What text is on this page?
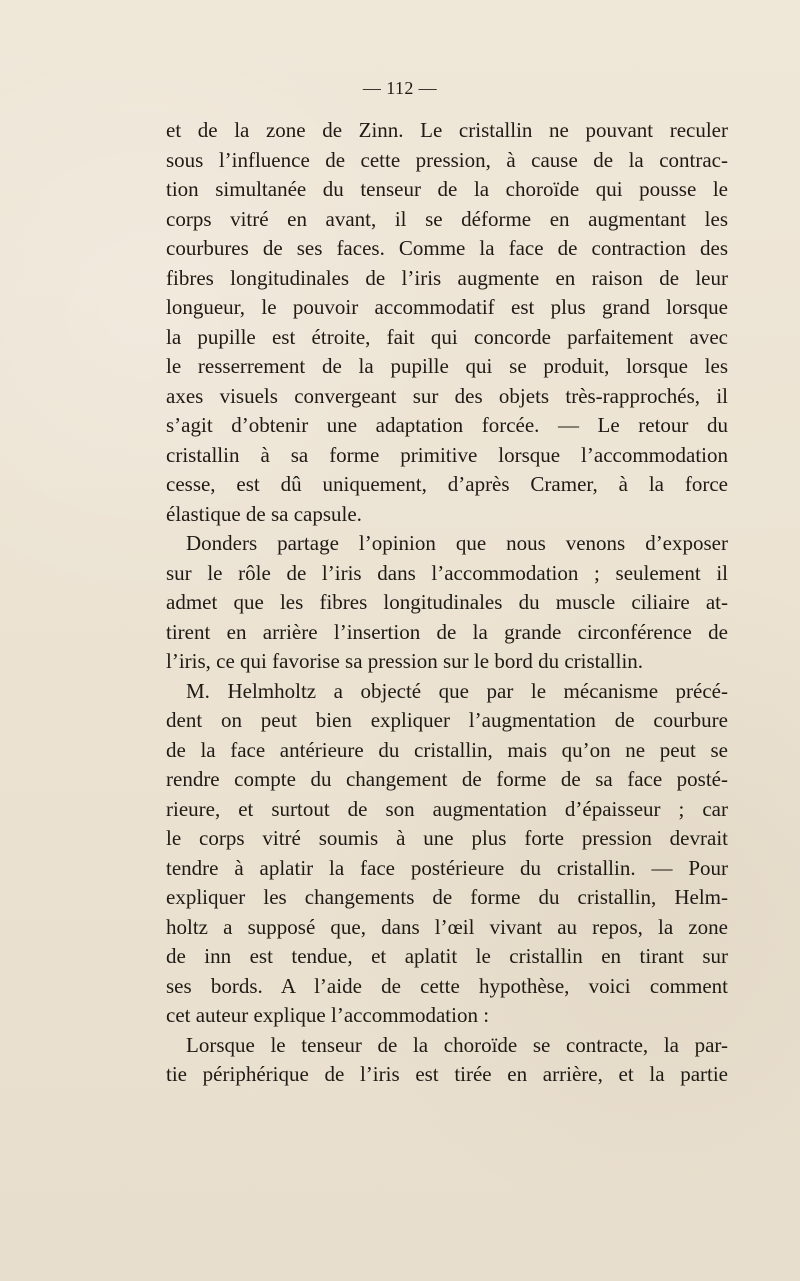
— 112 —
et de la zone de Zinn. Le cristallin ne pouvant reculer
sous l’influence de cette pression, à cause de la contrac-
tion simultanée du tenseur de la choroïde qui pousse le
corps vitré en avant, il se déforme en augmentant les
courbures de ses faces. Comme la face de contraction des
fibres longitudinales de l’iris augmente en raison de leur
longueur, le pouvoir accommodatif est plus grand lorsque
la pupille est étroite, fait qui concorde parfaitement avec
le resserrement de la pupille qui se produit, lorsque les
axes visuels convergeant sur des objets très-rapprochés, il
s’agit d’obtenir une adaptation forcée. — Le retour du
cristallin à sa forme primitive lorsque l’accommodation
cesse, est dû uniquement, d’après Cramer, à la force
élastique de sa capsule.
Donders partage l’opinion que nous venons d’exposer
sur le rôle de l’iris dans l’accommodation ; seulement il
admet que les fibres longitudinales du muscle ciliaire at-
tirent en arrière l’insertion de la grande circonférence de
l’iris, ce qui favorise sa pression sur le bord du cristallin.
M. Helmholtz a objecté que par le mécanisme précé-
dent on peut bien expliquer l’augmentation de courbure
de la face antérieure du cristallin, mais qu’on ne peut se
rendre compte du changement de forme de sa face posté-
rieure, et surtout de son augmentation d’épaisseur ; car
le corps vitré soumis à une plus forte pression devrait
tendre à aplatir la face postérieure du cristallin. — Pour
expliquer les changements de forme du cristallin, Helm-
holtz a supposé que, dans l’œil vivant au repos, la zone
de inn est tendue, et aplatit le cristallin en tirant sur
ses bords. A l’aide de cette hypothèse, voici comment
cet auteur explique l’accommodation :
Lorsque le tenseur de la choroïde se contracte, la par-
tie périphérique de l’iris est tirée en arrière, et la partie
